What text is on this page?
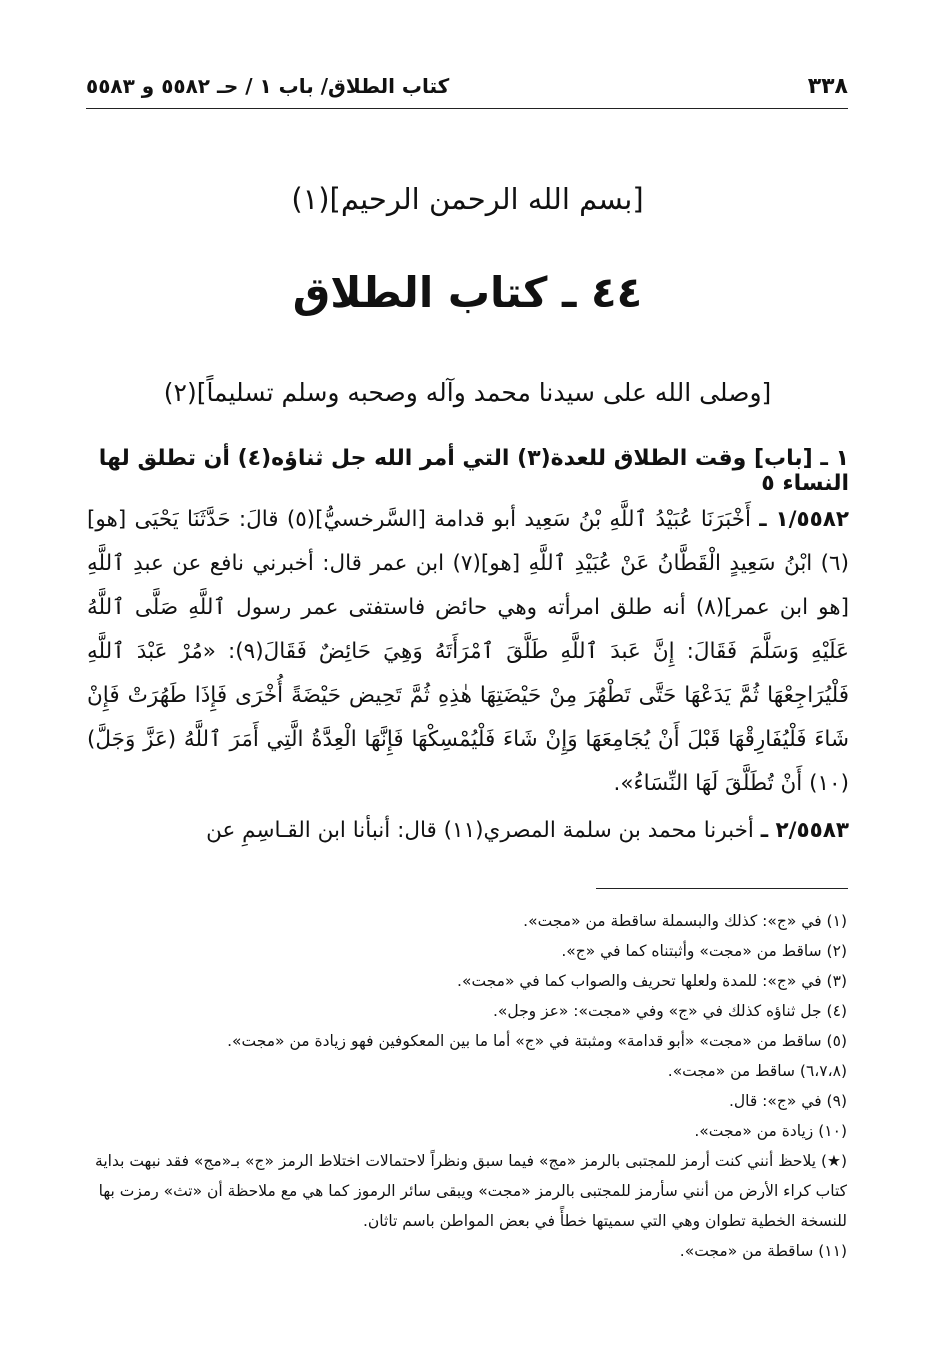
٣٣٨
كتاب الطلاق/ باب ١ / حـ ٥٥٨٢ و ٥٥٨٣
[بسم الله الرحمن الرحيم](١)
٤٤ ـ كتاب الطلاق
[وصلى الله على سيدنا محمد وآله وصحبه وسلم تسليماً](٢)
١ ـ [باب] وقت الطلاق للعدة(٣) التي أمر الله جل ثناؤه(٤) أن تطلق لها النساء ٥
١/٥٥٨٢ ـ أَخْبَرَنَا عُبَيْدُ ٱللَّهِ بْنُ سَعِيد أبو قدامة [السَّرخسيُّ](٥) قالَ: حَدَّثَنَا يَحْيَى [هو](٦) ابْنُ سَعِيدٍ الْقَطَّانُ عَنْ عُبَيْدِ ٱللَّهِ [هو](٧) ابن عمر قال: أخبرني نافع عن عبدِ ٱللَّهِ [هو ابن عمر](٨) أنه طلق امرأته وهي حائض فاستفتى عمر رسول ٱللَّهِ صَلَّى ٱللَّهُ عَلَيْهِ وَسَلَّمَ فَقَالَ: إِنَّ عَبدَ ٱللَّهِ طَلَّقَ ٱمْرَأَتَهُ وَهِيَ حَائِضٌ فَقَالَ(٩): «مُرْ عَبْدَ ٱللَّهِ فَلْيُرَاجِعْهَا ثُمَّ يَدَعْهَا حَتَّى تَطْهُرَ مِنْ حَيْضَتِهَا هٰذِهِ ثُمَّ تَحِيض حَيْضَةً أُخْرَى فَإِذَا طَهُرَتْ فَإِنْ شَاءَ فَلْيُفَارِقْهَا قَبْلَ أَنْ يُجَامِعَهَا وَإِنْ شَاءَ فَلْيُمْسِكْهَا فَإِنَّهَا الْعِدَّةُ الَّتِي أَمَرَ ٱللَّهُ (عَزَّ وَجَلَّ)(١٠) أَنْ تُطَلَّقَ لَهَا النِّسَاءُ».
٢/٥٥٨٣ ـ أخبرنا محمد بن سلمة المصري(١١) قال: أنبأنا ابن القـاسِمِ عن
(١) في «ج»: كذلك والبسملة ساقطة من «مجت».
(٢) ساقط من «مجت» وأثبتناه كما في «ج».
(٣) في «ج»: للمدة ولعلها تحريف والصواب كما في «مجت».
(٤) جل ثناؤه كذلك في «ج» وفي «مجت»: «عز وجل».
(٥) ساقط من «مجت» «أبو قدامة» ومثبتة في «ج» أما ما بين المعكوفين فهو زيادة من «مجت».
(٦،٧،٨) ساقط من «مجت».
(٩) في «ج»: قال.
(١٠) زيادة من «مجت».
(★) يلاحظ أنني كنت أرمز للمجتبى بالرمز «مج» فيما سبق ونظراً لاحتمالات اختلاط الرمز «ج» بـ«مج» فقد نبهت بداية كتاب كراء الأرض من أنني سأرمز للمجتبى بالرمز «مجت» ويبقى سائر الرموز كما هي مع ملاحظة أن «تث» رمزت بها للنسخة الخطية تطوان وهي التي سميتها خطأً في بعض المواطن باسم تاثان.
(١١) ساقطة من «مجت».
